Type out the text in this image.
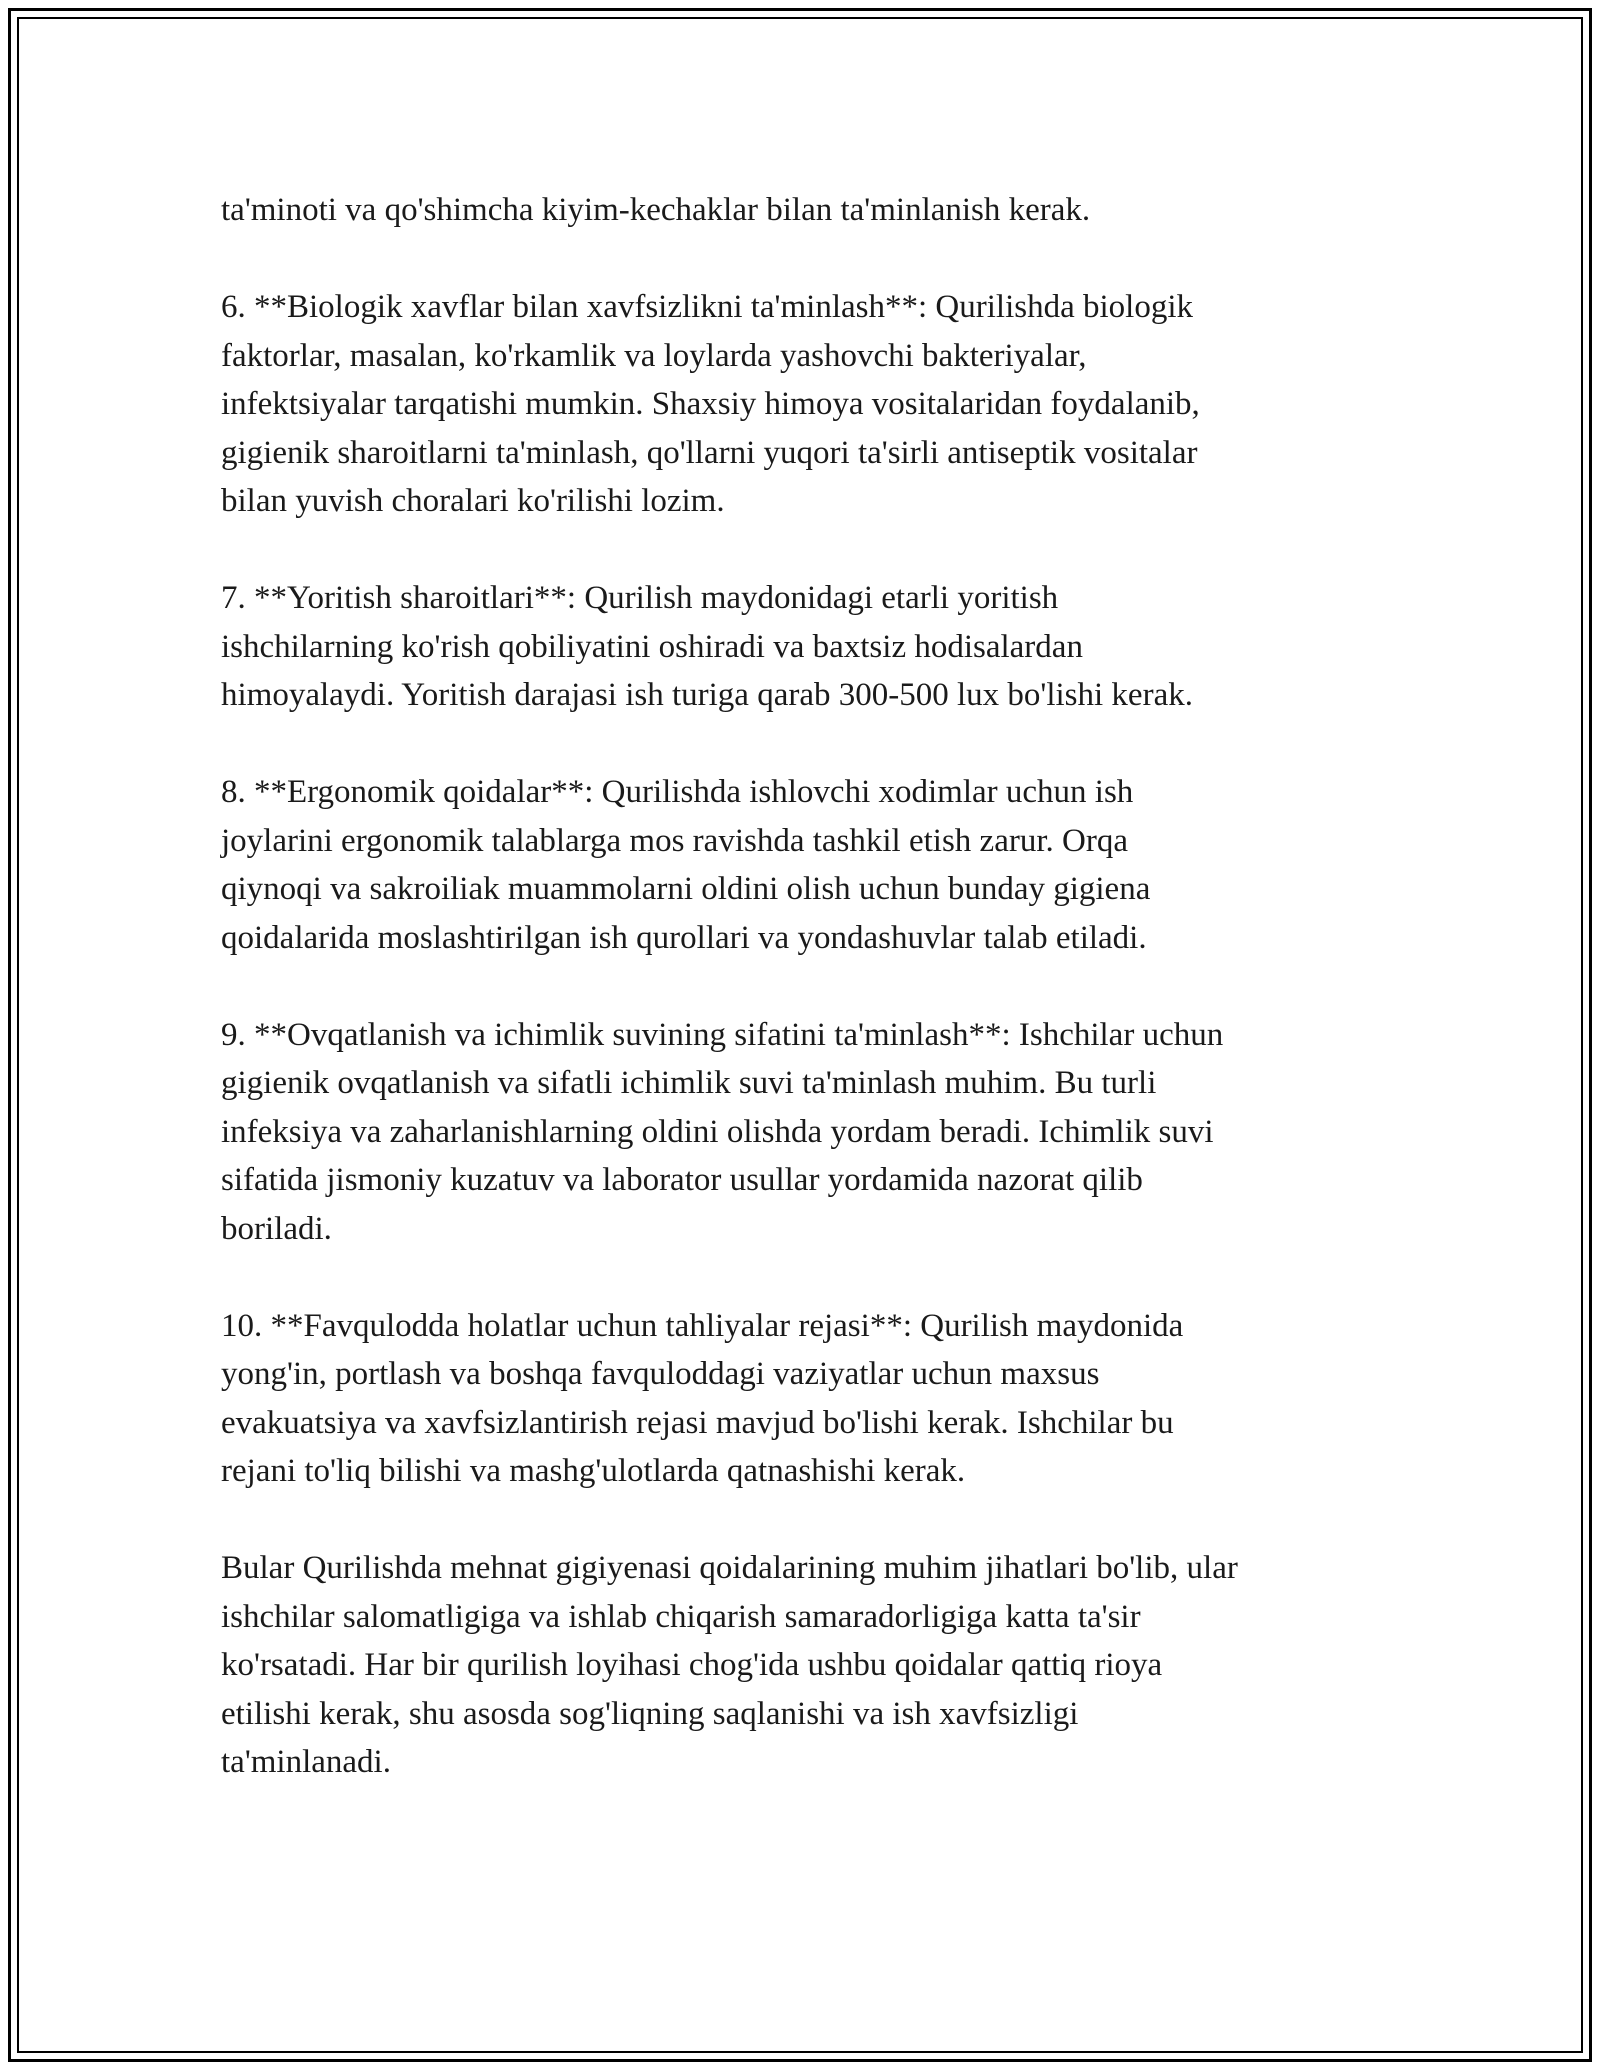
ta'minoti va qo'shimcha kiyim-kechaklar bilan ta'minlanish kerak.

6. **Biologik xavflar bilan xavfsizlikni ta'minlash**: Qurilishda biologik
faktorlar, masalan, ko'rkamlik va loylarda yashovchi bakteriyalar,
infektsiyalar tarqatishi mumkin. Shaxsiy himoya vositalaridan foydalanib,
gigienik sharoitlarni ta'minlash, qo'llarni yuqori ta'sirli antiseptik vositalar
bilan yuvish choralari ko'rilishi lozim.

7. **Yoritish sharoitlari**: Qurilish maydonidagi etarli yoritish
ishchilarning ko'rish qobiliyatini oshiradi va baxtsiz hodisalardan
himoyalaydi. Yoritish darajasi ish turiga qarab 300-500 lux bo'lishi kerak.

8. **Ergonomik qoidalar**: Qurilishda ishlovchi xodimlar uchun ish
joylarini ergonomik talablarga mos ravishda tashkil etish zarur. Orqa
qiynoqi va sakroiliak muammolarni oldini olish uchun bunday gigiena
qoidalarida moslashtirilgan ish qurollari va yondashuvlar talab etiladi.

9. **Ovqatlanish va ichimlik suvining sifatini ta'minlash**: Ishchilar uchun
gigienik ovqatlanish va sifatli ichimlik suvi ta'minlash muhim. Bu turli
infeksiya va zaharlanishlarning oldini olishda yordam beradi. Ichimlik suvi
sifatida jismoniy kuzatuv va laborator usullar yordamida nazorat qilib
boriladi.

10. **Favqulodda holatlar uchun tahliyalar rejasi**: Qurilish maydonida
yong'in, portlash va boshqa favquloddagi vaziyatlar uchun maxsus
evakuatsiya va xavfsizlantirish rejasi mavjud bo'lishi kerak. Ishchilar bu
rejani to'liq bilishi va mashg'ulotlarda qatnashishi kerak.

Bular Qurilishda mehnat gigiyenasi qoidalarining muhim jihatlari bo'lib, ular
ishchilar salomatligiga va ishlab chiqarish samaradorligiga katta ta'sir
ko'rsatadi. Har bir qurilish loyihasi chog'ida ushbu qoidalar qattiq rioya
etilishi kerak, shu asosda sog'liqning saqlanishi va ish xavfsizligi
ta'minlanadi.
